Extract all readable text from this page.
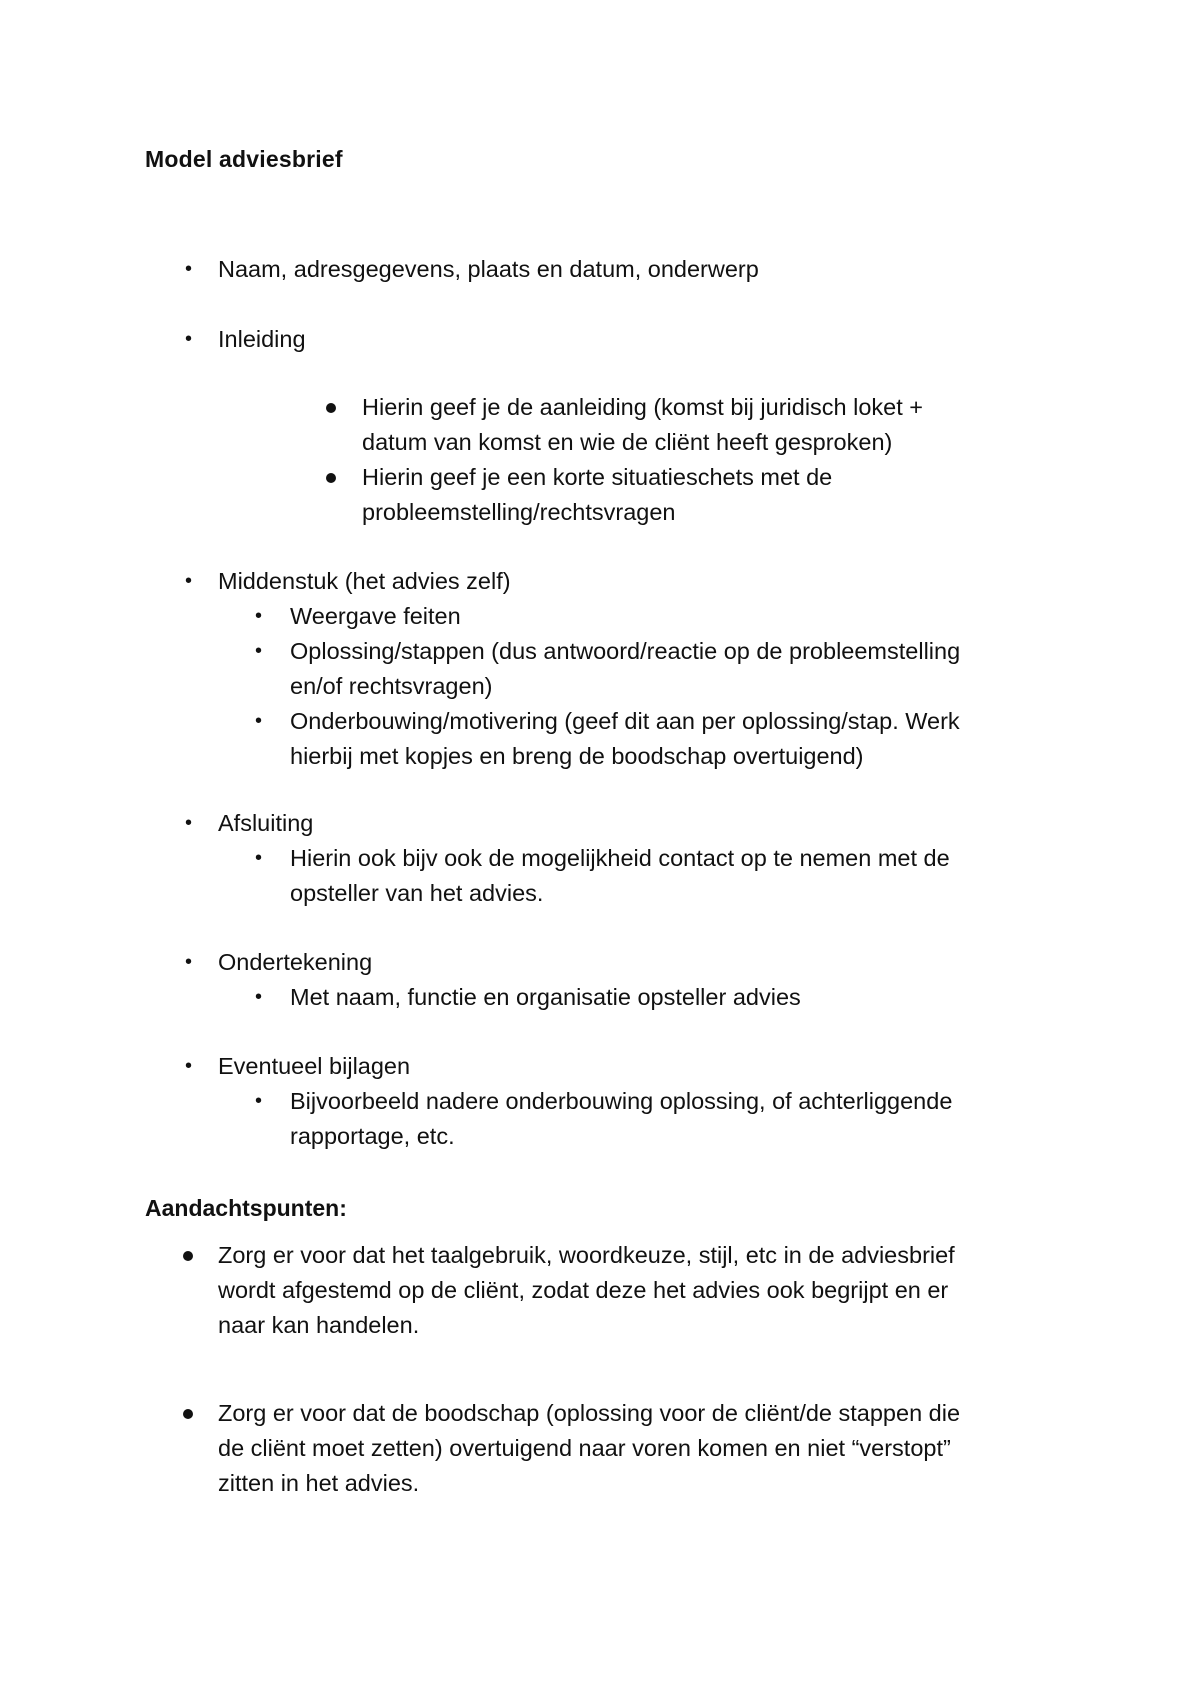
Model adviesbrief
• Naam, adresgegevens, plaats en datum, onderwerp
• Inleiding
Hierin geef je de aanleiding (komst bij juridisch loket +
datum van komst en wie de cliënt heeft gesproken)
Hierin geef je een korte situatieschets met de
probleemstelling/rechtsvragen
• Middenstuk (het advies zelf)
• Weergave feiten
• Oplossing/stappen (dus antwoord/reactie op de probleemstelling
en/of rechtsvragen)
• Onderbouwing/motivering (geef dit aan per oplossing/stap. Werk
hierbij met kopjes en breng de boodschap overtuigend)
• Afsluiting
• Hierin ook bijv ook de mogelijkheid contact op te nemen met de
opsteller van het advies.
• Ondertekening
• Met naam, functie en organisatie opsteller advies
• Eventueel bijlagen
• Bijvoorbeeld nadere onderbouwing oplossing, of achterliggende
rapportage, etc.
Aandachtspunten:
Zorg er voor dat het taalgebruik, woordkeuze, stijl, etc in de adviesbrief
wordt afgestemd op de cliënt, zodat deze het advies ook begrijpt en er
naar kan handelen.
Zorg er voor dat de boodschap (oplossing voor de cliënt/de stappen die
de cliënt moet zetten) overtuigend naar voren komen en niet “verstopt”
zitten in het advies.
